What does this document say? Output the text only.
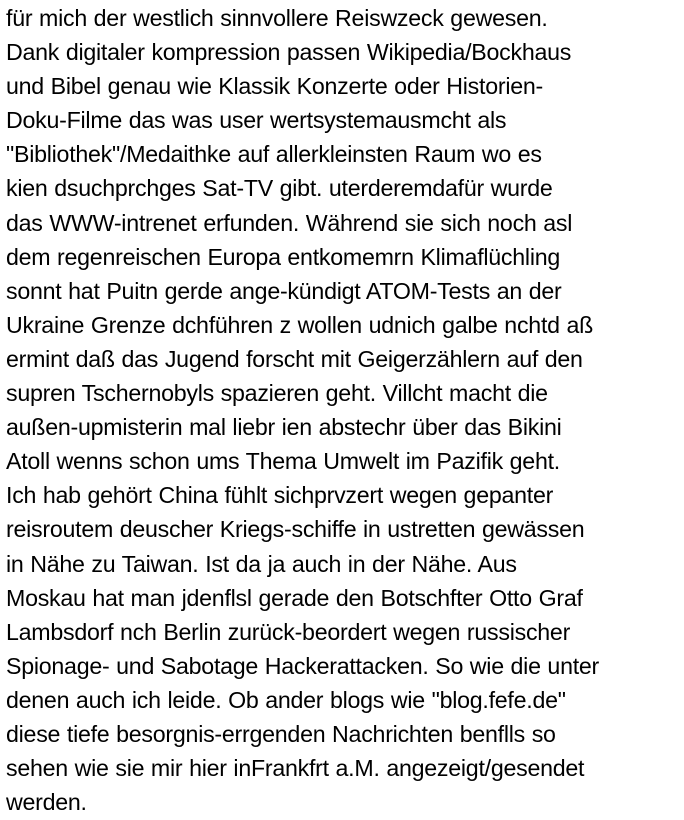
für mich der westlich sinnvollere Reiswzeck gewesen.
Dank digitaler kompression passen Wikipedia/Bockhaus
und Bibel genau wie Klassik Konzerte oder Historien-
Doku-Filme das was user wertsystemausmcht als
"Bibliothek"/Medaithke auf allerkleinsten Raum wo es
kien dsuchprchges Sat-TV gibt. uterderemdafür wurde
das WWW-intrenet erfunden. Während sie sich noch asl
dem regenreischen Europa entkomemrn Klimaflüchling
sonnt hat Puitn gerde ange-kündigt ATOM-Tests an der
Ukraine Grenze dchführen z wollen udnich galbe nchtd aß
ermint daß das Jugend forscht mit Geigerzählern auf den
supren Tschernobyls spazieren geht. Villcht macht die
außen-upmisterin mal liebr ien abstechr über das Bikini
Atoll wenns schon ums Thema Umwelt im Pazifik geht.
Ich hab gehört China fühlt sichprvzert wegen gepanter
reisroutem deuscher Kriegs-schiffe in ustretten gewässen
in Nähe zu Taiwan. Ist da ja auch in der Nähe. Aus
Moskau hat man jdenflsl gerade den Botschfter Otto Graf
Lambsdorf nch Berlin zurück-beordert wegen russischer
Spionage- und Sabotage Hackerattacken. So wie die unter
denen auch ich leide. Ob ander blogs wie "blog.fefe.de"
diese tiefe besorgnis-errgenden Nachrichten benflls so
sehen wie sie mir hier inFrankfrt a.M. angezeigt/gesendet
werden.
